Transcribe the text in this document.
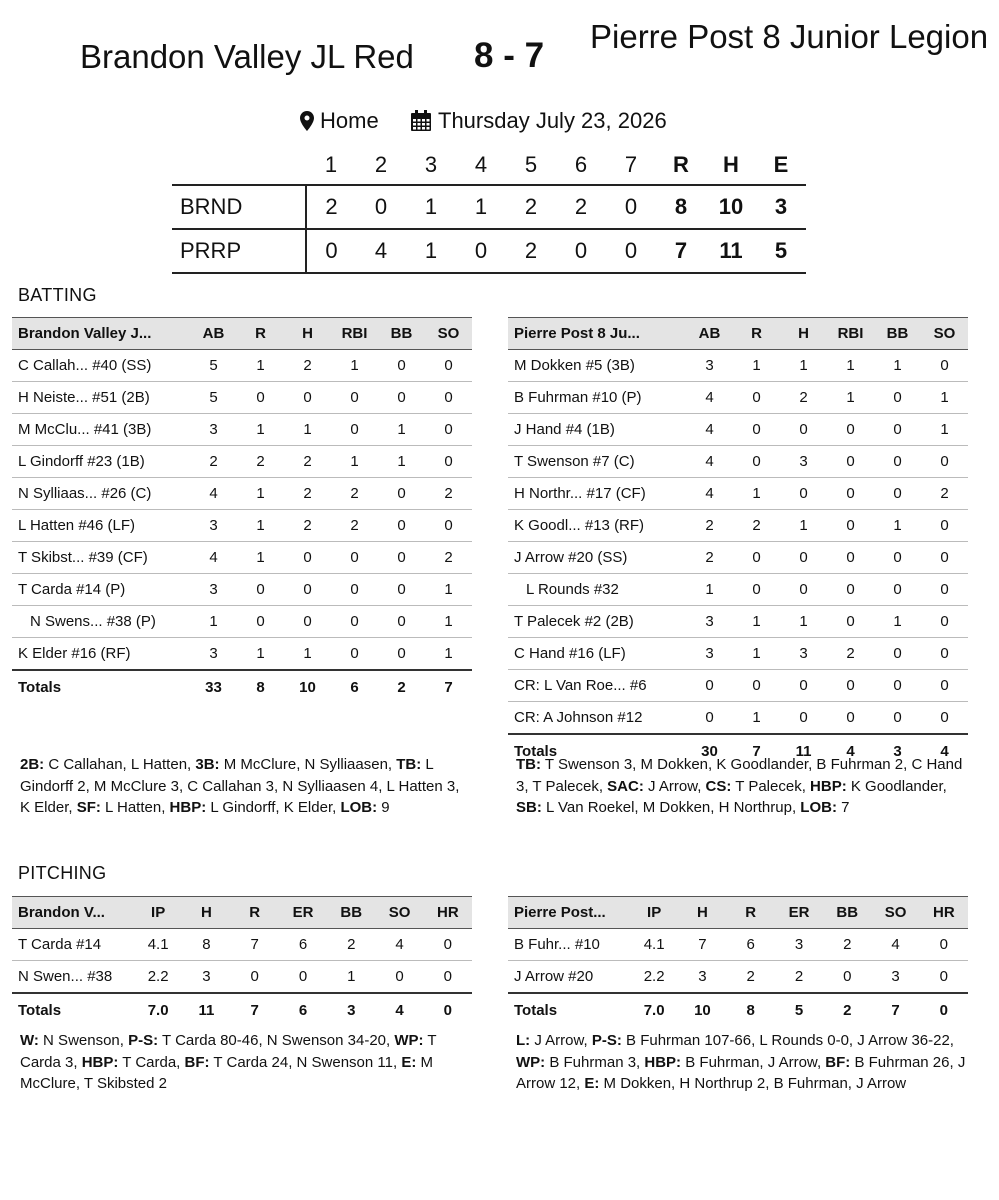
Brandon Valley JL Red 8 - 7 Pierre Post 8 Junior Legion
Home	Thursday July 23, 2026
	1	2	3	4	5	6	7	R	H	E
BRND	2	0	1	1	2	2	0	8	10	3
PRRP	0	4	1	0	2	0	0	7	11	5
BATTING
PITCHING
Brandon Valley J...	AB	R	H	RBI	BB	SO
C Callah... #40 (SS)	5	1	2	1	0	0
H Neiste... #51 (2B)	5	0	0	0	0	0
M McClu... #41 (3B)	3	1	1	0	1	0
L Gindorff #23 (1B)	2	2	2	1	1	0
N Sylliaas... #26 (C)	4	1	2	2	0	2
L Hatten #46 (LF)	3	1	2	2	0	0
T Skibst... #39 (CF)	4	1	0	0	0	2
T Carda #14 (P)	3	0	0	0	0	1
N Swens... #38 (P)	1	0	0	0	0	1
K Elder #16 (RF)	3	1	1	0	0	1
Totals	33	8	10	6	2	7
Pierre Post 8 Ju...	AB	R	H	RBI	BB	SO
M Dokken #5 (3B)	3	1	1	1	1	0
B Fuhrman #10 (P)	4	0	2	1	0	1
J Hand #4 (1B)	4	0	0	0	0	1
T Swenson #7 (C)	4	0	3	0	0	0
H Northr... #17 (CF)	4	1	0	0	0	2
K Goodl... #13 (RF)	2	2	1	0	1	0
J Arrow #20 (SS)	2	0	0	0	0	0
L Rounds #32	1	0	0	0	0	0
T Palecek #2 (2B)	3	1	1	0	1	0
C Hand #16 (LF)	3	1	3	2	0	0
CR: L Van Roe... #6	0	0	0	0	0	0
CR: A Johnson #12	0	1	0	0	0	0
Totals	30	7	11	4	3	4
Brandon V...	IP	H	R	ER	BB	SO	HR
T Carda #14	4.1	8	7	6	2	4	0
N Swen... #38	2.2	3	0	0	1	0	0
Totals	7.0	11	7	6	3	4	0
Pierre Post...	IP	H	R	ER	BB	SO	HR
B Fuhr... #10	4.1	7	6	3	2	4	0
J Arrow #20	2.2	3	2	2	0	3	0
Totals	7.0	10	8	5	2	7	0
2B: C Callahan, L Hatten, 3B: M McClure, N Sylliaasen, TB: L Gindorff 2, M McClure 3, C Callahan 3, N Sylliaasen 4, L Hatten 3, K Elder, SF: L Hatten, HBP: L Gindorff, K Elder, LOB: 9
TB: T Swenson 3, M Dokken, K Goodlander, B Fuhrman 2, C Hand 3, T Palecek, SAC: J Arrow, CS: T Palecek, HBP: K Goodlander, SB: L Van Roekel, M Dokken, H Northrup, LOB: 7
W: N Swenson, P-S: T Carda 80-46, N Swenson 34-20, WP: T Carda 3, HBP: T Carda, BF: T Carda 24, N Swenson 11, E: M McClure, T Skibsted 2
L: J Arrow, P-S: B Fuhrman 107-66, L Rounds 0-0, J Arrow 36-22, WP: B Fuhrman 3, HBP: B Fuhrman, J Arrow, BF: B Fuhrman 26, J Arrow 12, E: M Dokken, H Northrup 2, B Fuhrman, J Arrow
